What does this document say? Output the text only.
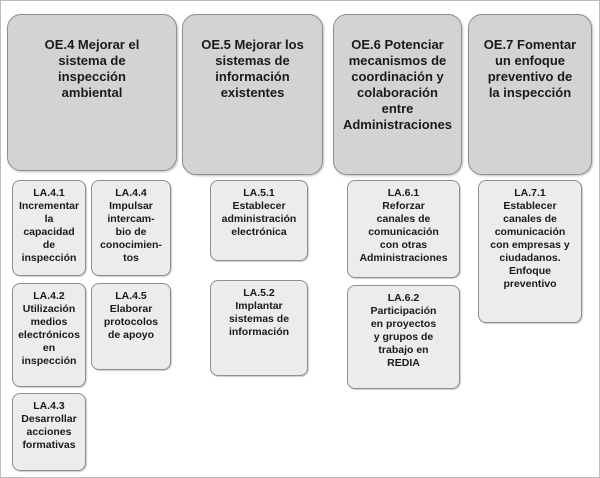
OE.4 Mejorar el
sistema de
inspección
ambiental
OE.5 Mejorar los
sistemas de
información
existentes
OE.6 Potenciar
mecanismos de
coordinación y
colaboración
entre
Administraciones
OE.7 Fomentar
un enfoque
preventivo de
la inspección
LA.4.1
Incrementar
la
capacidad
de
inspección
LA.4.4
Impulsar
intercam-
bio de
conocimien-
tos
LA.4.2
Utilización
medios
electrónicos
en
inspección
LA.4.5
Elaborar
protocolos
de apoyo
LA.4.3
Desarrollar
acciones
formativas
LA.5.1
Establecer
administración
electrónica
LA.5.2
Implantar
sistemas de
información
LA.6.1
Reforzar
canales de
comunicación
con otras
Administraciones
LA.6.2
Participación
en proyectos
y grupos de
trabajo en
REDIA
LA.7.1
Establecer
canales de
comunicación
con empresas y
ciudadanos.
Enfoque
preventivo
